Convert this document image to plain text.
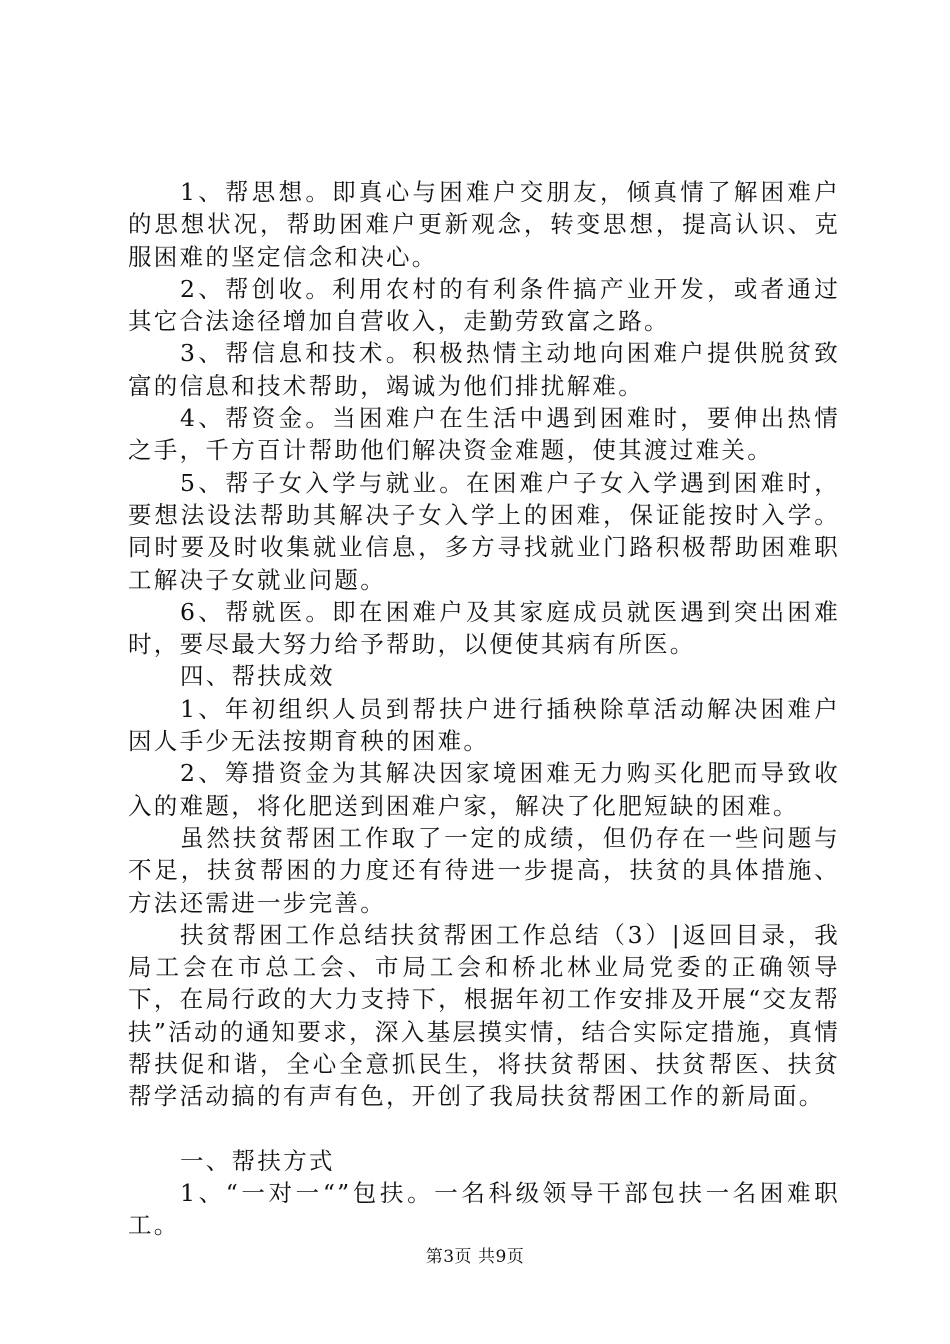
1、帮思想。即真心与困难户交朋友，倾真情了解困难户的思想状况，帮助困难户更新观念，转变思想，提高认识、克服困难的坚定信念和决心。

2、帮创收。利用农村的有利条件搞产业开发，或者通过其它合法途径增加自营收入，走勤劳致富之路。

3、帮信息和技术。积极热情主动地向困难户提供脱贫致富的信息和技术帮助，竭诚为他们排扰解难。

4、帮资金。当困难户在生活中遇到困难时，要伸出热情之手，千方百计帮助他们解决资金难题，使其渡过难关。

5、帮子女入学与就业。在困难户子女入学遇到困难时，要想法设法帮助其解决子女入学上的困难，保证能按时入学。同时要及时收集就业信息，多方寻找就业门路积极帮助困难职工解决子女就业问题。

6、帮就医。即在困难户及其家庭成员就医遇到突出困难时，要尽最大努力给予帮助，以便使其病有所医。

四、帮扶成效

1、年初组织人员到帮扶户进行插秧除草活动解决困难户因人手少无法按期育秧的困难。

2、筹措资金为其解决因家境困难无力购买化肥而导致收入的难题，将化肥送到困难户家，解决了化肥短缺的困难。

虽然扶贫帮困工作取了一定的成绩，但仍存在一些问题与不足，扶贫帮困的力度还有待进一步提高，扶贫的具体措施、方法还需进一步完善。

扶贫帮困工作总结扶贫帮困工作总结（3）|返回目录，我局工会在市总工会、市局工会和桥北林业局党委的正确领导下，在局行政的大力支持下，根据年初工作安排及开展“交友帮扶”活动的通知要求，深入基层摸实情，结合实际定措施，真情帮扶促和谐，全心全意抓民生，将扶贫帮困、扶贫帮医、扶贫帮学活动搞的有声有色，开创了我局扶贫帮困工作的新局面。

一、帮扶方式

1、“一对一“”包扶。一名科级领导干部包扶一名困难职工。

第3页 共9页
